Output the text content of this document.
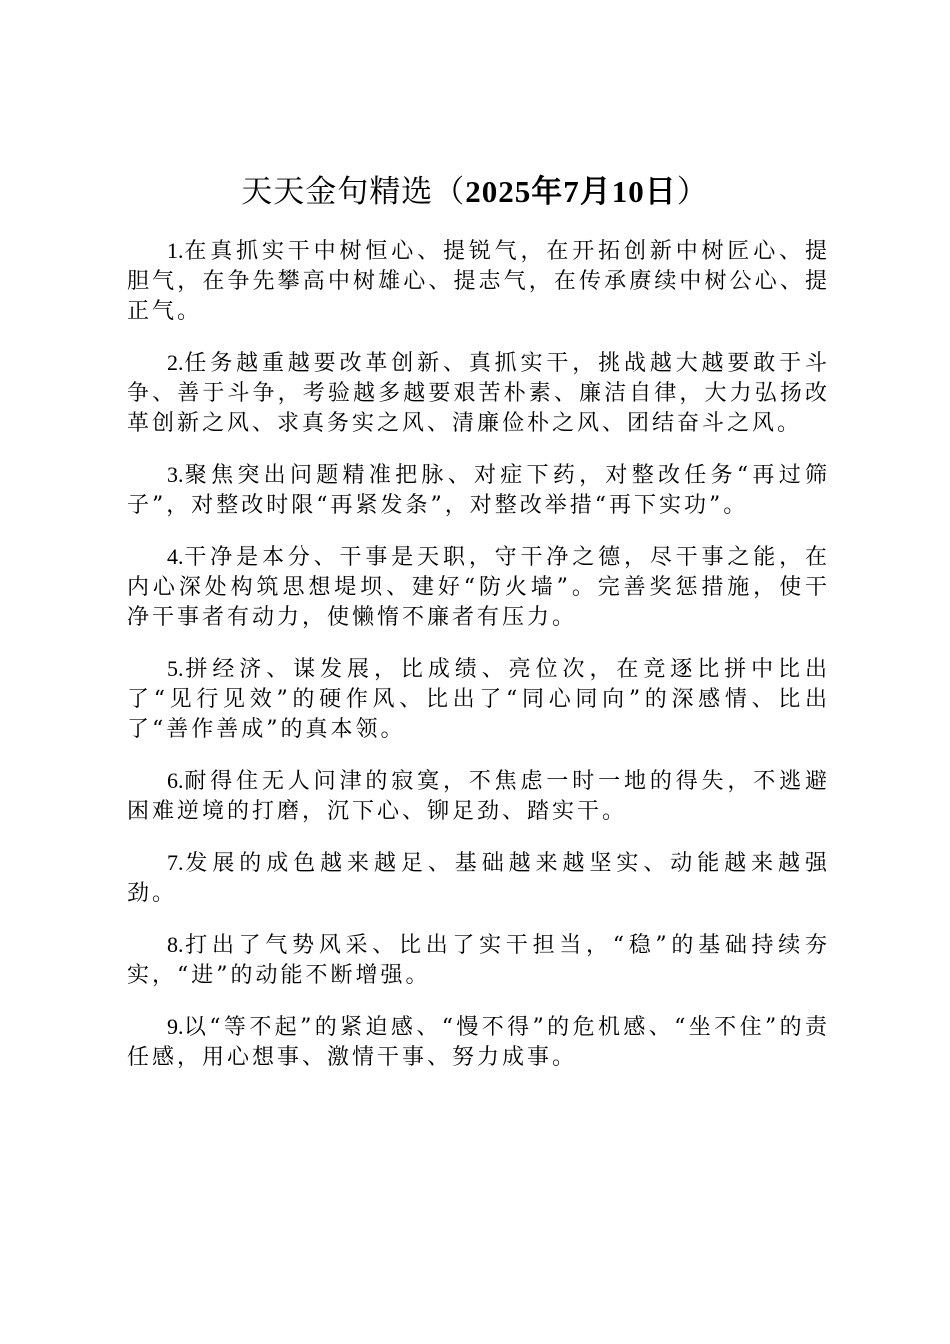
天天金句精选（2025年7月10日）

1.在真抓实干中树恒心、提锐气，在开拓创新中树匠心、提胆气，在争先攀高中树雄心、提志气，在传承赓续中树公心、提正气。

2.任务越重越要改革创新、真抓实干，挑战越大越要敢于斗争、善于斗争，考验越多越要艰苦朴素、廉洁自律，大力弘扬改革创新之风、求真务实之风、清廉俭朴之风、团结奋斗之风。

3.聚焦突出问题精准把脉、对症下药，对整改任务“再过筛子”，对整改时限“再紧发条”，对整改举措“再下实功”。

4.干净是本分、干事是天职，守干净之德，尽干事之能，在内心深处构筑思想堤坝、建好“防火墙”。完善奖惩措施，使干净干事者有动力，使懒惰不廉者有压力。

5.拼经济、谋发展，比成绩、亮位次，在竞逐比拼中比出了“见行见效”的硬作风、比出了“同心同向”的深感情、比出了“善作善成”的真本领。

6.耐得住无人问津的寂寞，不焦虑一时一地的得失，不逃避困难逆境的打磨，沉下心、铆足劲、踏实干。

7.发展的成色越来越足、基础越来越坚实、动能越来越强劲。

8.打出了气势风采、比出了实干担当，“稳”的基础持续夯实，“进”的动能不断增强。

9.以“等不起”的紧迫感、“慢不得”的危机感、“坐不住”的责任感，用心想事、激情干事、努力成事。
